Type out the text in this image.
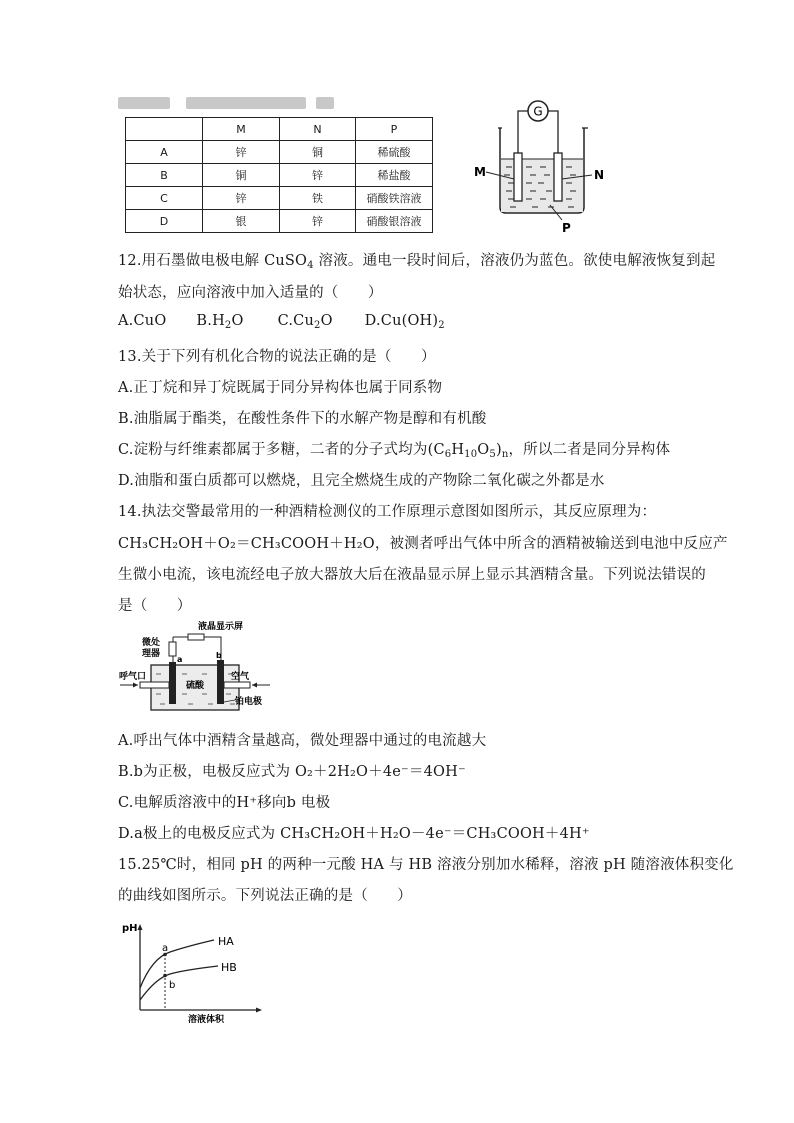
	M	N	P
A	锌	铜	稀硫酸
B	铜	锌	稀盐酸
C	锌	铁	硝酸铁溶液
D	银	锌	硝酸银溶液
G
M	N
P
12.用石墨做电极电解 CuSO$_4$ 溶液。通电一段时间后，溶液仍为蓝色。欲使电解液恢复到起
始状态，应向溶液中加入适量的（　　）
A.CuO $B.H_2O$ $C.Cu_2O$ $D.Cu(OH)_2$
13.关于下列有机化合物的说法正确的是（　　）
A.正丁烷和异丁烷既属于同分异构体也属于同系物
B.油脂属于酯类，在酸性条件下的水解产物是醇和有机酸
C.淀粉与纤维素都属于多糖，二者的分子式均为$(C_6H_{10}O_5)_n$，所以二者是同分异构体
D.油脂和蛋白质都可以燃烧，且完全燃烧生成的产物除二氧化碳之外都是水
14.执法交警最常用的一种酒精检测仪的工作原理示意图如图所示，其反应原理为：
CH₃CH₂OH＋O₂＝CH₃COOH＋H₂O，被测者呼出气体中所含的酒精被输送到电池中反应产
生微小电流，该电流经电子放大器放大后在液晶显示屏上显示其酒精含量。下列说法错误的
是（　　）
液晶显示屏
微处
理器
a	b
硫酸
呼气口	空气
铂电极
A.呼出气体中酒精含量越高，微处理器中通过的电流越大
B.b为正极，电极反应式为 O₂＋2H₂O＋4e⁻＝4OH⁻
C.电解质溶液中的H⁺移向b 电极
D.a极上的电极反应式为 CH₃CH₂OH＋H₂O－4e⁻＝CH₃COOH＋4H⁺
15.25℃时，相同 pH 的两种一元酸 HA 与 HB 溶液分别加水稀释，溶液 pH 随溶液体积变化
的曲线如图所示。下列说法正确的是（　　）
pH
溶液体积
a
b
HA
HB
